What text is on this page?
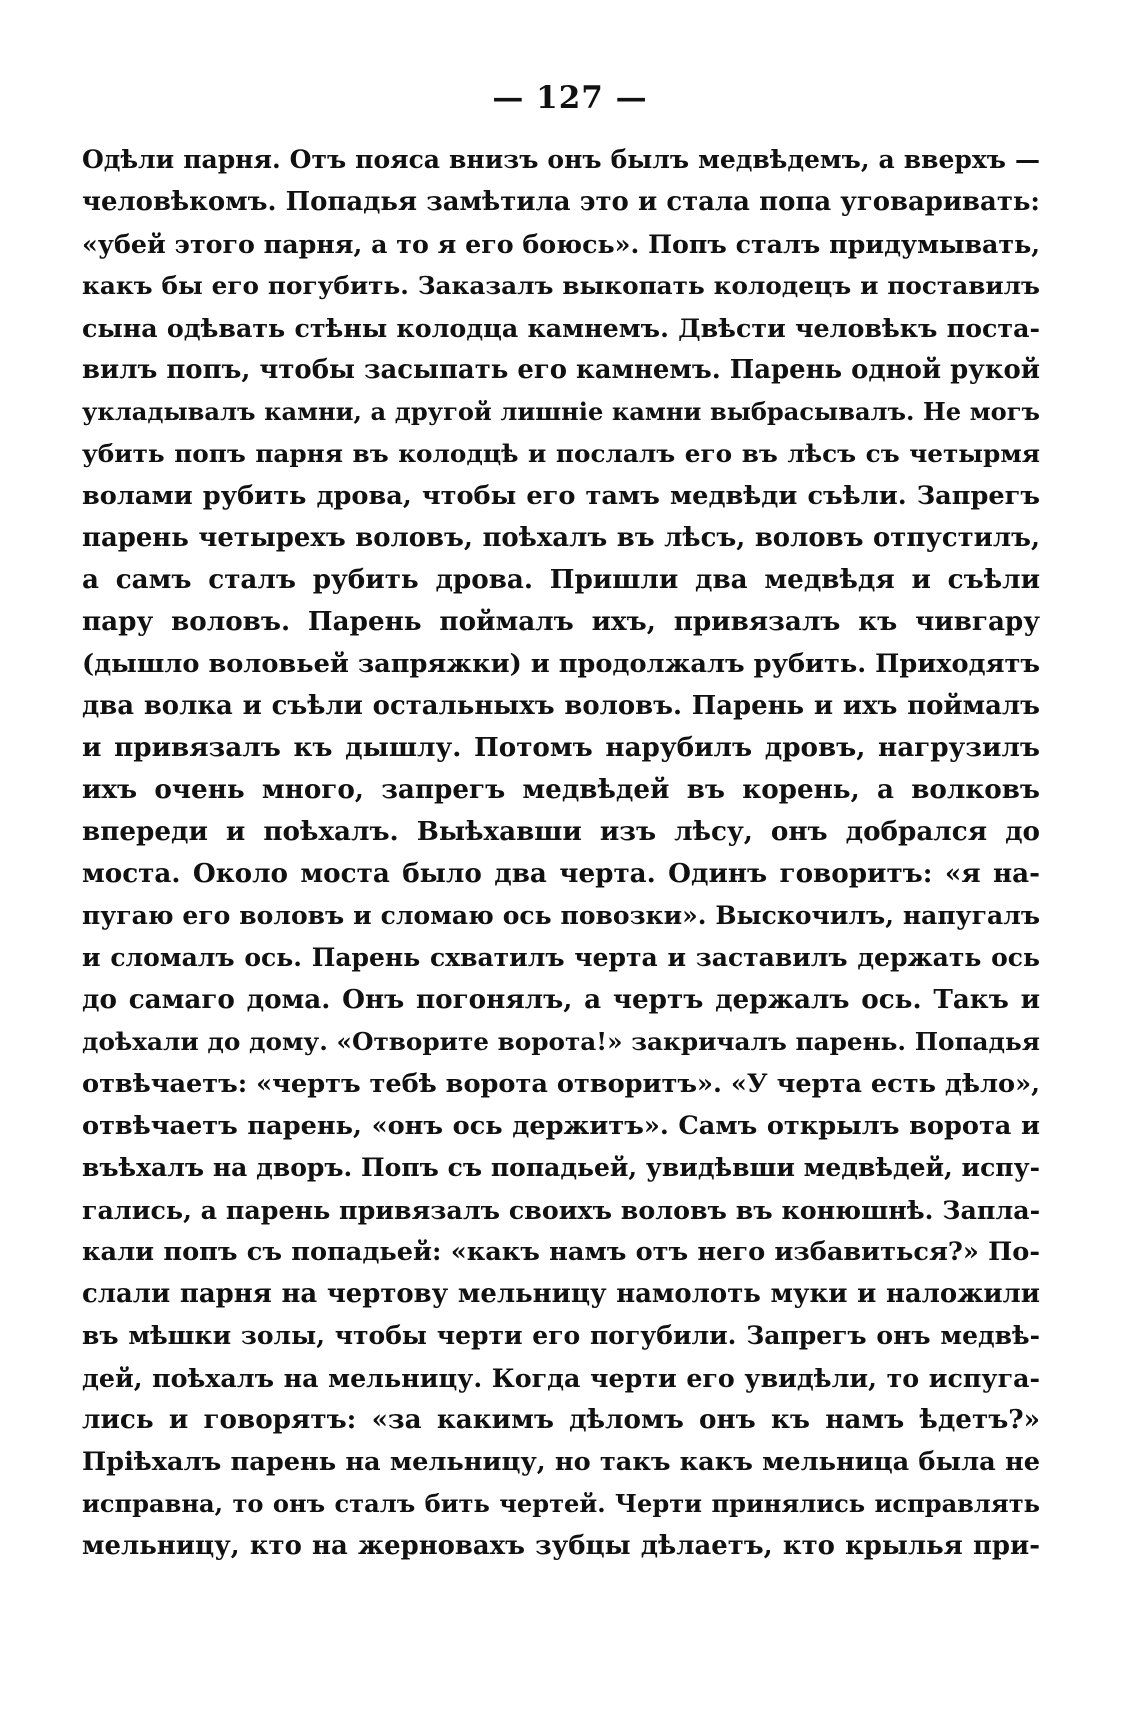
— 127 —
Одѣли парня. Отъ пояса внизъ онъ былъ медвѣдемъ, а вверхъ —
человѣкомъ. Попадья замѣтила это и стала попа уговаривать:
«убей этого парня, а то я его боюсь». Попъ сталъ придумывать,
какъ бы его погубить. Заказалъ выкопать колодецъ и поставилъ
сына одѣвать стѣны колодца камнемъ. Двѣсти человѣкъ поста-
вилъ попъ, чтобы засыпать его камнемъ. Парень одной рукой
укладывалъ камни, а другой лишніе камни выбрасывалъ. Не могъ
убить попъ парня въ колодцѣ и послалъ его въ лѣсъ съ четырмя
волами рубить дрова, чтобы его тамъ медвѣди съѣли. Запрегъ
парень четырехъ воловъ, поѣхалъ въ лѣсъ, воловъ отпустилъ,
а самъ сталъ рубить дрова. Пришли два медвѣдя и съѣли
пару воловъ. Парень поймалъ ихъ, привязалъ къ чивгару
(дышло воловьей запряжки) и продолжалъ рубить. Приходятъ
два волка и съѣли остальныхъ воловъ. Парень и ихъ поймалъ
и привязалъ къ дышлу. Потомъ нарубилъ дровъ, нагрузилъ
ихъ очень много, запрегъ медвѣдей въ корень, а волковъ
впереди и поѣхалъ. Выѣхавши изъ лѣсу, онъ добрался до
моста. Около моста было два черта. Одинъ говоритъ: «я на-
пугаю его воловъ и сломаю ось повозки». Выскочилъ, напугалъ
и сломалъ ось. Парень схватилъ черта и заставилъ держать ось
до самаго дома. Онъ погонялъ, а чертъ держалъ ось. Такъ и
доѣхали до дому. «Отворите ворота!» закричалъ парень. Попадья
отвѣчаетъ: «чертъ тебѣ ворота отворитъ». «У черта есть дѣло»,
отвѣчаетъ парень, «онъ ось держитъ». Самъ открылъ ворота и
въѣхалъ на дворъ. Попъ съ попадьей, увидѣвши медвѣдей, испу-
гались, а парень привязалъ своихъ воловъ въ конюшнѣ. Запла-
кали попъ съ попадьей: «какъ намъ отъ него избавиться?» По-
слали парня на чертову мельницу намолоть муки и наложили
въ мѣшки золы, чтобы черти его погубили. Запрегъ онъ медвѣ-
дей, поѣхалъ на мельницу. Когда черти его увидѣли, то испуга-
лись и говорятъ: «за какимъ дѣломъ онъ къ намъ ѣдетъ?»
Пріѣхалъ парень на мельницу, но такъ какъ мельница была не
исправна, то онъ сталъ бить чертей. Черти принялись исправлять
мельницу, кто на жерновахъ зубцы дѣлаетъ, кто крылья при-
